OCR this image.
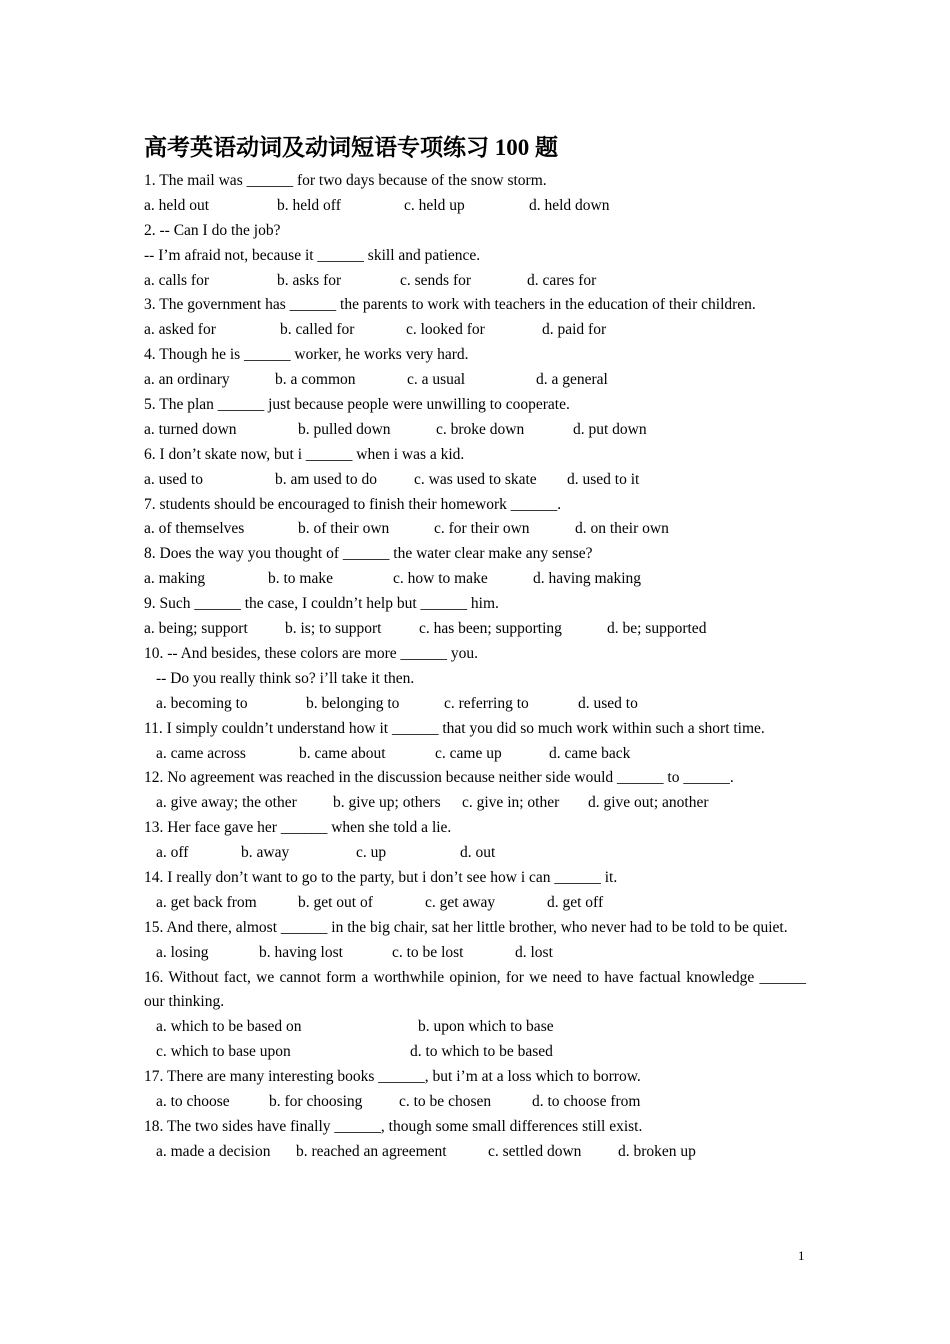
高考英语动词及动词短语专项练习 100 题
1. The mail was ______ for two days because of the snow storm.
a. held out	b. held off	c. held up	d. held down
2. -- Can I do the job?
-- I’m afraid not, because it ______ skill and patience.
a. calls for	b. asks for	c. sends for	d. cares for
3. The government has ______ the parents to work with teachers in the education of their children.
a. asked for	b. called for	c. looked for	d. paid for
4. Though he is ______ worker, he works very hard.
a. an ordinary	b. a common	c. a usual	d. a general
5. The plan ______ just because people were unwilling to cooperate.
a. turned down	b. pulled down	c. broke down	d. put down
6. I don’t skate now, but i ______ when i was a kid.
a. used to	b. am used to do c. was used to skate d. used to it
7. students should be encouraged to finish their homework ______.
a. of themselves	b. of their own	c. for their own	d. on their own
8. Does the way you thought of ______ the water clear make any sense?
a. making	b. to make	c. how to make	d. having making
9. Such ______ the case, I couldn’t help but ______ him.
a. being; support b. is; to support c. has been; supporting	d. be; supported
10. -- And besides, these colors are more ______ you.
-- Do you really think so? i’ll take it then.
a. becoming to	b. belonging to	c. referring to	d. used to
11. I simply couldn’t understand how it ______ that you did so much work within such a short time.
a. came across	b. came about	c. came up	d. came back
12. No agreement was reached in the discussion because neither side would ______ to ______.
a. give away; the other b. give up; others c. give in; other d. give out; another
13. Her face gave her ______ when she told a lie.
a. off	b. away	c. up	d. out
14. I really don’t want to go to the party, but i don’t see how i can ______ it.
a. get back from	b. get out of	c. get away	d. get off
15. And there, almost ______ in the big chair, sat her little brother, who never had to be told to be quiet.
a. losing	b. having lost	c. to be lost	d. lost
16. Without fact, we cannot form a worthwhile opinion, for we need to have factual knowledge ______ our thinking.
a. which to be based on	b. upon which to base
c. which to base upon	d. to which to be based
17. There are many interesting books ______, but i’m at a loss which to borrow.
a. to choose	b. for choosing c. to be chosen	d. to choose from
18. The two sides have finally ______, though some small differences still exist.
a. made a decision b. reached an agreement	c. settled down d. broken up
1
